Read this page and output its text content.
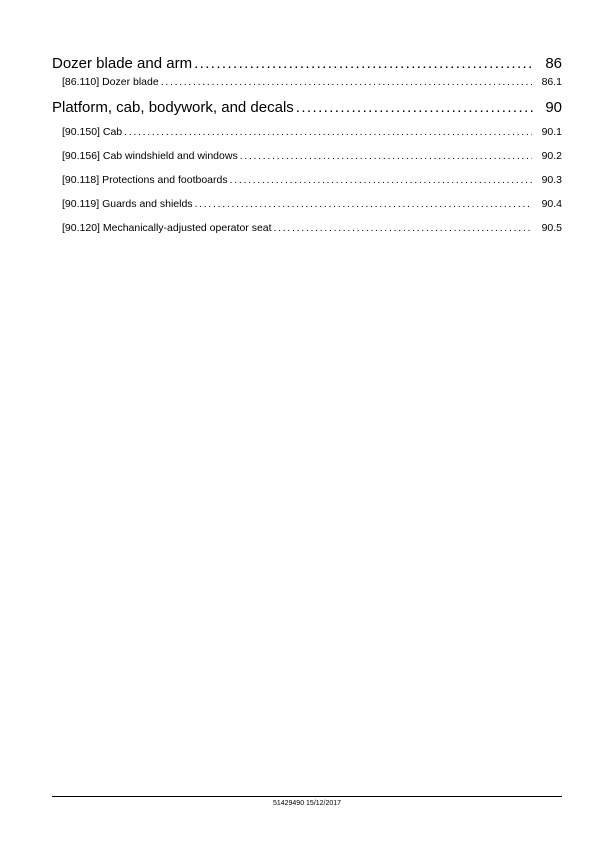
Dozer blade and arm .....	86
[86.110] Dozer blade .....	86.1
Platform, cab, bodywork, and decals .....	90
[90.150] Cab .....	90.1
[90.156] Cab windshield and windows .....	90.2
[90.118] Protections and footboards .....	90.3
[90.119] Guards and shields .....	90.4
[90.120] Mechanically-adjusted operator seat .....	90.5
51429490 15/12/2017
